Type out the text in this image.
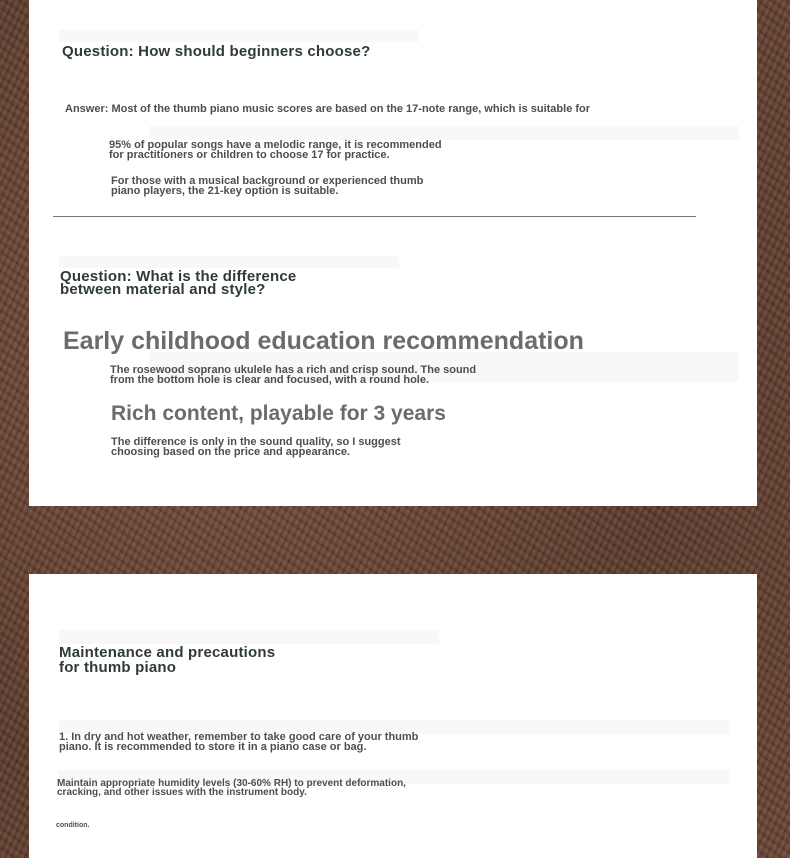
Question: How should beginners choose?

Answer: Most of the thumb piano music scores are based on the 17-note range, which is suitable for

95% of popular songs have a melodic range, it is recommended
for practitioners or children to choose 17 for practice.

For those with a musical background or experienced thumb
piano players, the 21-key option is suitable.

Question: What is the difference
between material and style?

Early childhood education recommendation

The rosewood soprano ukulele has a rich and crisp sound. The sound
from the bottom hole is clear and focused, with a round hole.

Rich content, playable for 3 years

The difference is only in the sound quality, so I suggest
choosing based on the price and appearance.

Maintenance and precautions
for thumb piano

1. In dry and hot weather, remember to take good care of your thumb
piano. It is recommended to store it in a piano case or bag.

Maintain appropriate humidity levels (30-60% RH) to prevent deformation,
cracking, and other issues with the instrument body.

condition.
